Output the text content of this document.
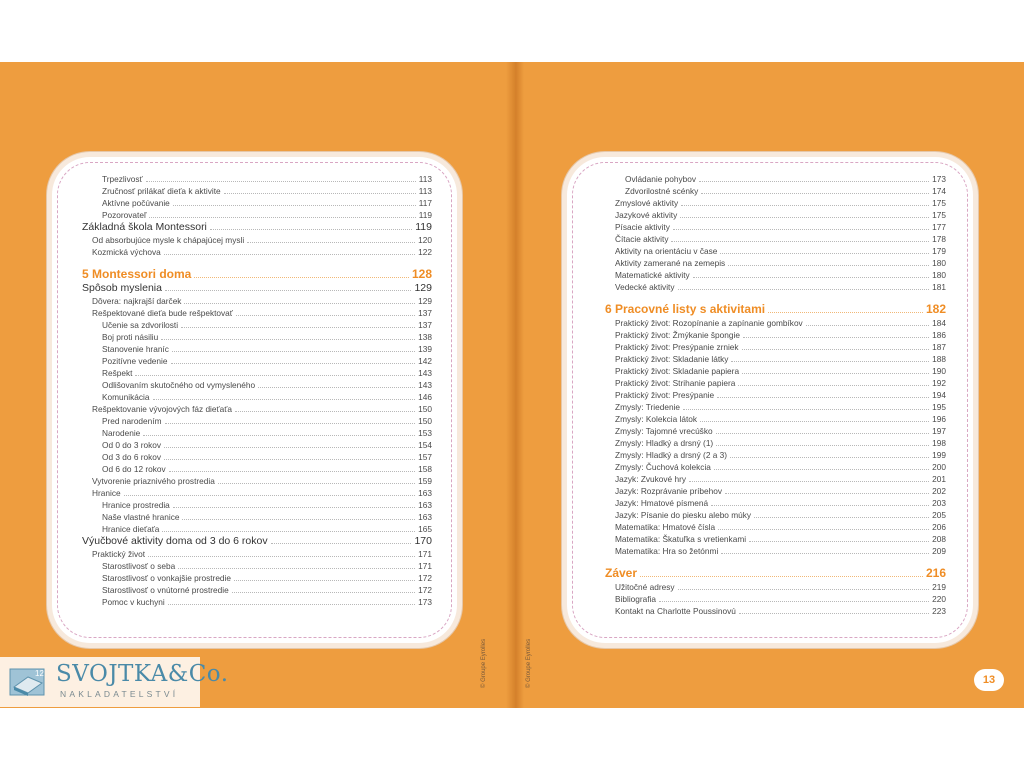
Trpezlivosť	113
Zručnosť prilákať dieťa k aktivite	113
Aktívne počúvanie	117
Pozorovateľ	119
Základná škola Montessori	119
Od absorbujúce mysle k chápajúcej mysli	120
Kozmická výchova	122
5 Montessori doma	128
Spôsob myslenia	129
Dôvera: najkrajší darček	129
Rešpektované dieťa bude rešpektovať	137
Učenie sa zdvorilosti	137
Boj proti násiliu	138
Stanovenie hraníc	139
Pozitívne vedenie	142
Rešpekt	143
Odlišovaním skutočného od vymysleného	143
Komunikácia	146
Rešpektovanie vývojových fáz dieťaťa	150
Pred narodením	150
Narodenie	153
Od 0 do 3 rokov	154
Od 3 do 6 rokov	157
Od 6 do 12 rokov	158
Vytvorenie priaznivého prostredia	159
Hranice	163
Hranice prostredia	163
Naše vlastné hranice	163
Hranice dieťaťa	165
Výučbové aktivity doma od 3 do 6 rokov	170
Praktický život	171
Starostlivosť o seba	171
Starostlivosť o vonkajšie prostredie	172
Starostlivosť o vnútorné prostredie	172
Pomoc v kuchyni	173
Ovládanie pohybov	173
Zdvorilostné scénky	174
Zmyslové aktivity	175
Jazykové aktivity	175
Písacie aktivity	177
Čítacie aktivity	178
Aktivity na orientáciu v čase	179
Aktivity zamerané na zemepis	180
Matematické aktivity	180
Vedecké aktivity	181
6 Pracovné listy s aktivitami	182
Praktický život: Rozopínanie a zapínanie gombíkov	184
Praktický život: Žmýkanie špongie	186
Praktický život: Presýpanie zrniek	187
Praktický život: Skladanie látky	188
Praktický život: Skladanie papiera	190
Praktický život: Strihanie papiera	192
Praktický život: Presýpanie	194
Zmysly: Triedenie	195
Zmysly: Kolekcia látok	196
Zmysly: Tajomné vrecúško	197
Zmysly: Hladký a drsný (1)	198
Zmysly: Hladký a drsný (2 a 3)	199
Zmysly: Čuchová kolekcia	200
Jazyk: Zvukové hry	201
Jazyk: Rozprávanie príbehov	202
Jazyk: Hmatové písmená	203
Jazyk: Písanie do piesku alebo múky	205
Matematika: Hmatové čísla	206
Matematika: Škatuľka s vretienkami	208
Matematika: Hra so žetónmi	209
Záver	216
Užitočné adresy	219
Bibliografia	220
Kontakt na Charlotte Poussinovú	223
© Groupe Eyrolles	© Groupe Eyrolles
12 SVOJTKA&Co.
NAKLADATELSTVÍ
13
